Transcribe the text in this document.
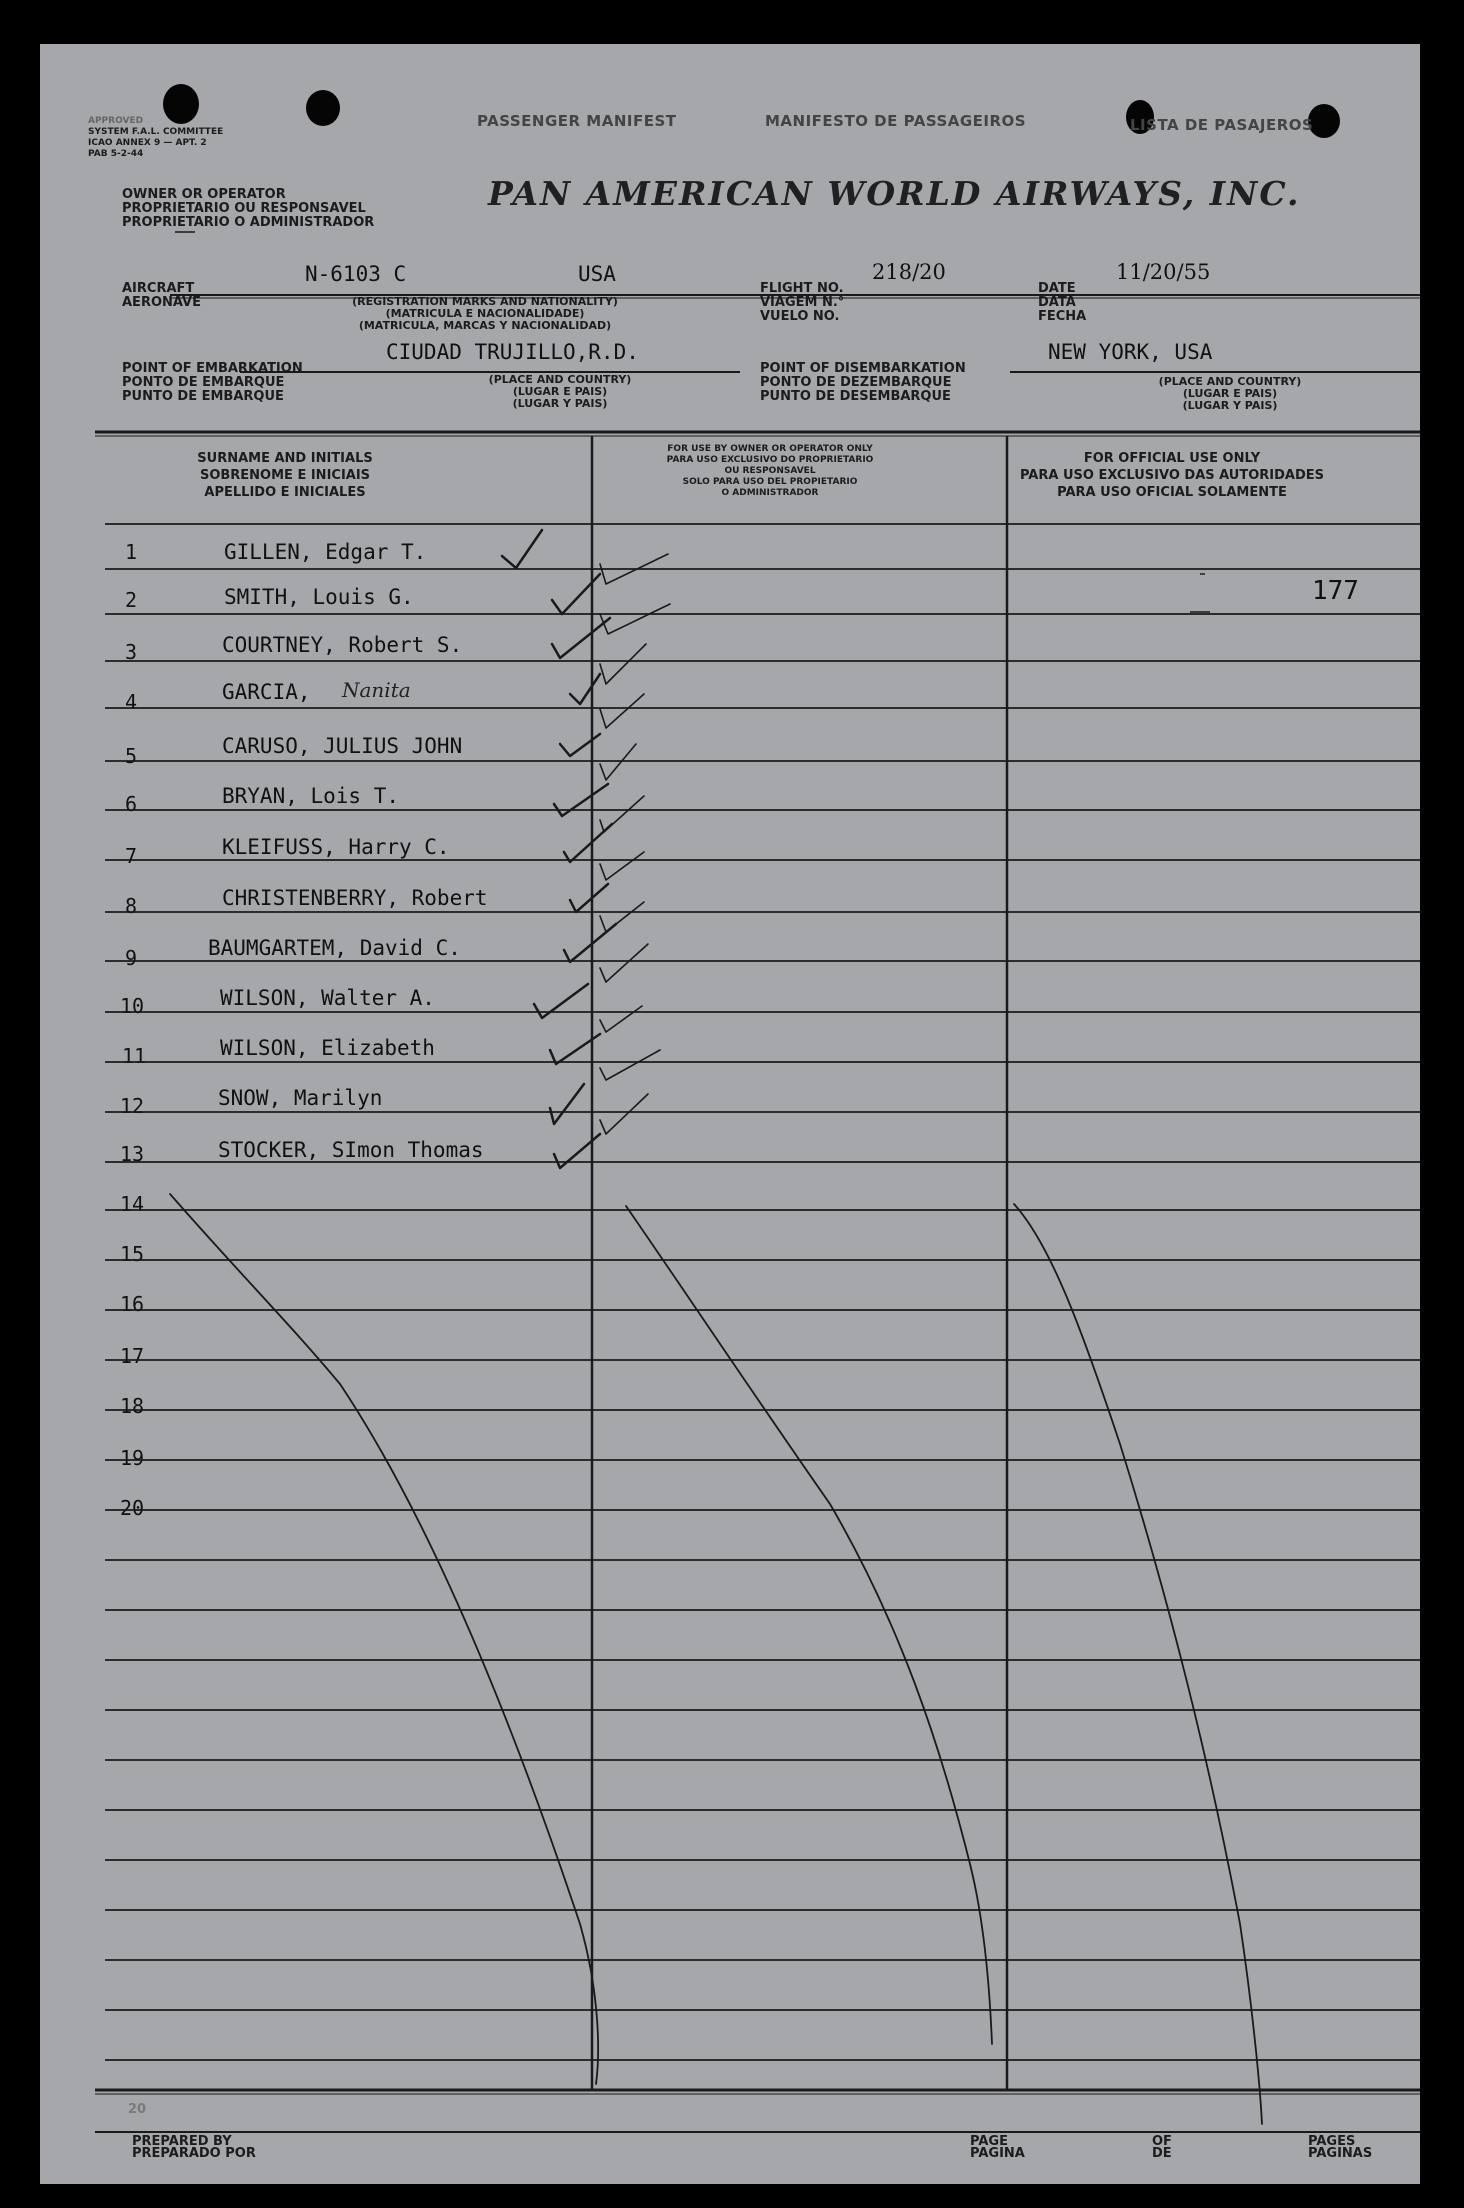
APPROVED
SYSTEM F.A.L. COMMITTEE
ICAO ANNEX 9 — APT. 2
PAB 5-2-44
PASSENGER MANIFEST	MANIFESTO DE PASSAGEIROS	LISTA DE PASAJEROS
OWNER OR OPERATOR
PROPRIETARIO OU RESPONSAVEL
PROPRIETARIO O ADMINISTRADOR
PAN AMERICAN WORLD AIRWAYS, INC.
AIRCRAFT
AERONAVE
N-6103 C	USA
(REGISTRATION MARKS AND NATIONALITY)
(MATRICULA E NACIONALIDADE)
(MATRICULA, MARCAS Y NACIONALIDAD)
FLIGHT NO.
VIAGEM N.°
VUELO NO.
218/20
DATE
DATA
FECHA
11/20/55
POINT OF EMBARKATION
PONTO DE EMBARQUE
PUNTO DE EMBARQUE
CIUDAD TRUJILLO,R.D.
(PLACE AND COUNTRY)
(LUGAR E PAIS)
(LUGAR Y PAIS)
POINT OF DISEMBARKATION
PONTO DE DEZEMBARQUE
PUNTO DE DESEMBARQUE
NEW YORK, USA
(PLACE AND COUNTRY)
(LUGAR E PAIS)
(LUGAR Y PAIS)
SURNAME AND INITIALS
SOBRENOME E INICIAIS
APELLIDO E INICIALES
FOR USE BY OWNER OR OPERATOR ONLY
PARA USO EXCLUSIVO DO PROPRIETARIO
OU RESPONSAVEL
SOLO PARA USO DEL PROPIETARIO
O ADMINISTRADOR
FOR OFFICIAL USE ONLY
PARA USO EXCLUSIVO DAS AUTORIDADES
PARA USO OFICIAL SOLAMENTE
1	GILLEN, Edgar T.
2	SMITH, Louis G.
3	COURTNEY, Robert S.
4	GARCIA, Nanita
5	CARUSO, JULIUS JOHN
6	BRYAN, Lois T.
7	KLEIFUSS, Harry C.
8	CHRISTENBERRY, Robert
9	BAUMGARTEM, David C.
10	WILSON, Walter A.
11	WILSON, Elizabeth
12	SNOW, Marilyn
13	STOCKER, SImon Thomas
14
15
16
17
18
19
20
177
20
PREPARED BY
PREPARADO POR
PAGE
PAGINA
OF
DE
PAGES
PAGINAS
